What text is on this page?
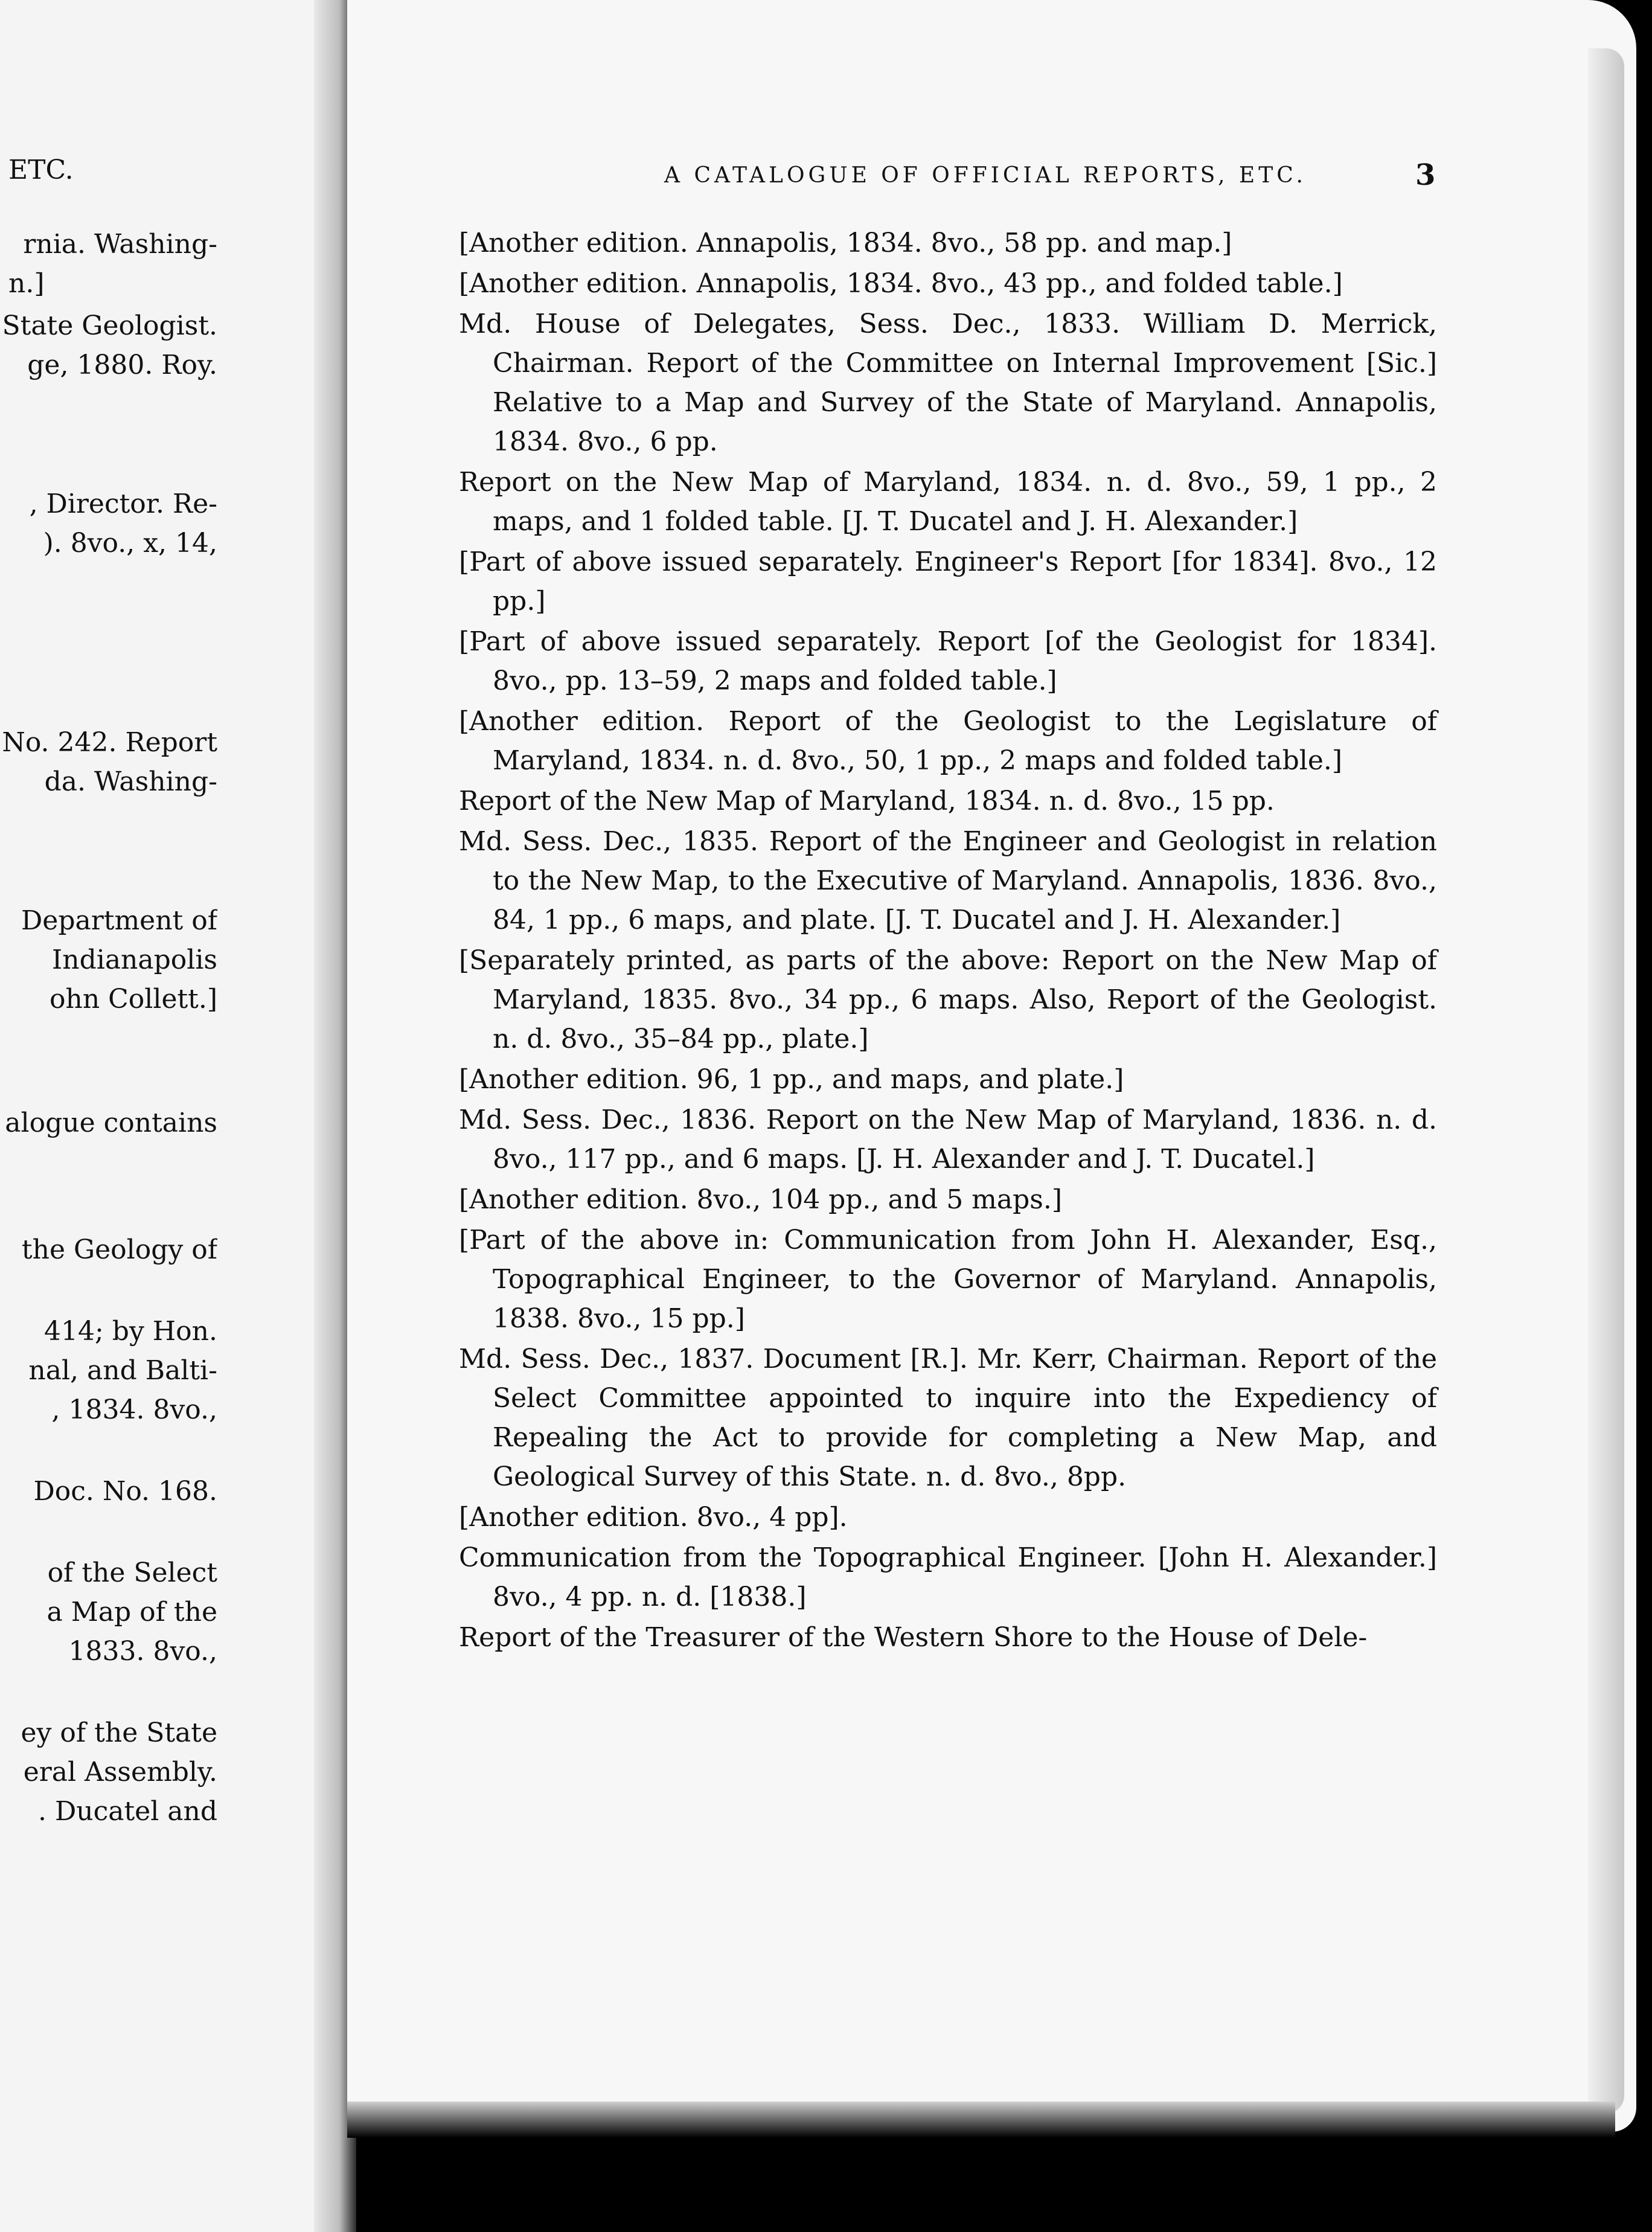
ETC.
rnia. Washing-
n.]
State Geologist.
ge, 1880. Roy.
, Director. Re-
). 8vo., x, 14,
No. 242. Report
da. Washing-
Department of
Indianapolis
ohn Collett.]
alogue contains
the Geology of
414; by Hon.
nal, and Balti-
, 1834. 8vo.,
Doc. No. 168.
of the Select
a Map of the
1833. 8vo.,
ey of the State
eral Assembly.
. Ducatel and
A CATALOGUE OF OFFICIAL REPORTS, ETC.	3
[Another edition. Annapolis, 1834. 8vo., 58 pp. and map.]
[Another edition. Annapolis, 1834. 8vo., 43 pp., and folded table.]
Md. House of Delegates, Sess. Dec., 1833. William D. Merrick, Chairman. Report of the Committee on Internal Improvement [Sic.] Relative to a Map and Survey of the State of Maryland. Annapolis, 1834. 8vo., 6 pp.
Report on the New Map of Maryland, 1834. n. d. 8vo., 59, 1 pp., 2 maps, and 1 folded table. [J. T. Ducatel and J. H. Alexander.]
[Part of above issued separately. Engineer's Report [for 1834]. 8vo., 12 pp.]
[Part of above issued separately. Report [of the Geologist for 1834]. 8vo., pp. 13–59, 2 maps and folded table.]
[Another edition. Report of the Geologist to the Legislature of Maryland, 1834. n. d. 8vo., 50, 1 pp., 2 maps and folded table.]
Report of the New Map of Maryland, 1834. n. d. 8vo., 15 pp.
Md. Sess. Dec., 1835. Report of the Engineer and Geologist in relation to the New Map, to the Executive of Maryland. Annapolis, 1836. 8vo., 84, 1 pp., 6 maps, and plate. [J. T. Ducatel and J. H. Alexander.]
[Separately printed, as parts of the above: Report on the New Map of Maryland, 1835. 8vo., 34 pp., 6 maps. Also, Report of the Geologist. n. d. 8vo., 35–84 pp., plate.]
[Another edition. 96, 1 pp., and maps, and plate.]
Md. Sess. Dec., 1836. Report on the New Map of Maryland, 1836. n. d. 8vo., 117 pp., and 6 maps. [J. H. Alexander and J. T. Ducatel.]
[Another edition. 8vo., 104 pp., and 5 maps.]
[Part of the above in: Communication from John H. Alexander, Esq., Topographical Engineer, to the Governor of Maryland. Annapolis, 1838. 8vo., 15 pp.]
Md. Sess. Dec., 1837. Document [R.]. Mr. Kerr, Chairman. Report of the Select Committee appointed to inquire into the Expediency of Repealing the Act to provide for completing a New Map, and Geological Survey of this State. n. d. 8vo., 8pp.
[Another edition. 8vo., 4 pp].
Communication from the Topographical Engineer. [John H. Alexander.] 8vo., 4 pp. n. d. [1838.]
Report of the Treasurer of the Western Shore to the House of Dele-
